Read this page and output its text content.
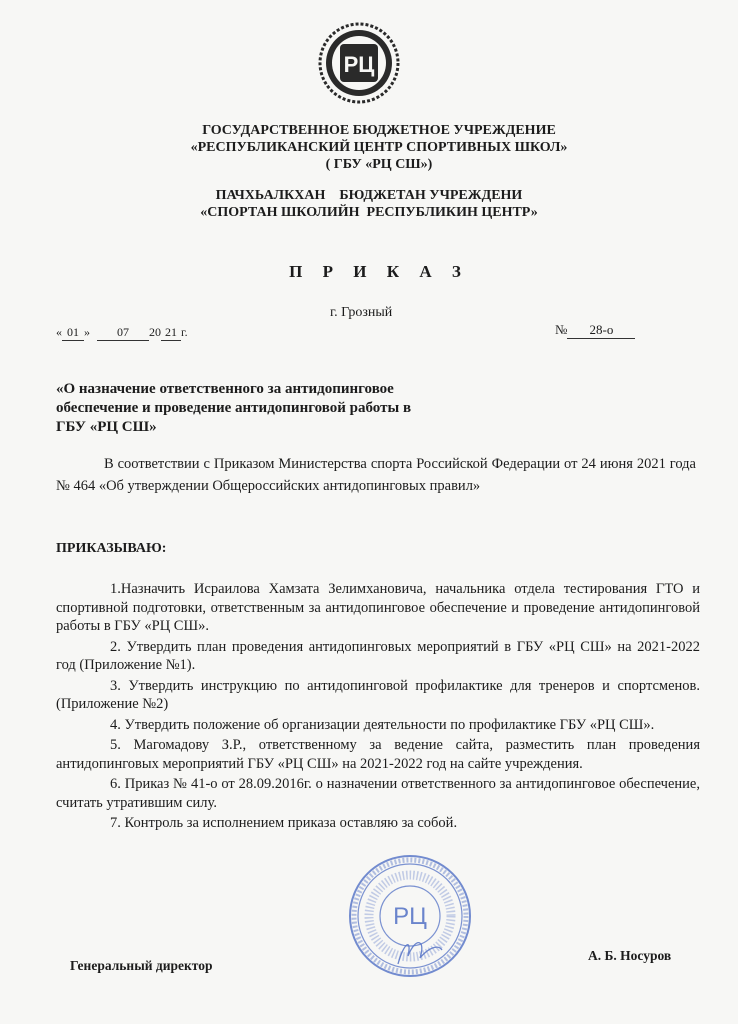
РЦ
ГОСУДАРСТВЕННОЕ БЮДЖЕТНОЕ УЧРЕЖДЕНИЕ
«РЕСПУБЛИКАНСКИЙ ЦЕНТР СПОРТИВНЫХ ШКОЛ»
( ГБУ «РЦ СШ»)
ПАЧХЬАЛКХАН    БЮДЖЕТАН УЧРЕЖДЕНИ
«СПОРТАН ШКОЛИЙН  РЕСПУБЛИКИН ЦЕНТР»
П Р И К А З
г. Грозный
« 01 » 07 20 21 г.	№ 28-о
«О назначение ответственного за антидопинговое обеспечение и проведение антидопинговой работы в ГБУ «РЦ СШ»
В соответствии с Приказом Министерства спорта Российской Федерации от 24 июня 2021 года № 464 «Об утверждении Общероссийских антидопинговых правил»
ПРИКАЗЫВАЮ:
1.Назначить Исраилова Хамзата Зелимхановича, начальника отдела тестирования ГТО и спортивной подготовки, ответственным за антидопинговое обеспечение и проведение антидопинговой работы в ГБУ «РЦ СШ».
2. Утвердить план проведения антидопинговых мероприятий в ГБУ «РЦ СШ» на 2021-2022 год (Приложение №1).
3. Утвердить инструкцию по антидопинговой профилактике для тренеров и спортсменов. (Приложение №2)
4. Утвердить положение об организации деятельности по профилактике ГБУ «РЦ СШ».
5. Магомадову З.Р., ответственному за ведение сайта, разместить план проведения антидопинговых мероприятий ГБУ «РЦ СШ» на 2021-2022 год на сайте учреждения.
6. Приказ № 41-о от 28.09.2016г. о назначении ответственного за антидопинговое обеспечение, считать утратившим силу.
7. Контроль за исполнением приказа оставляю за собой.
РЦ
Генеральный директор
А. Б. Носуров
